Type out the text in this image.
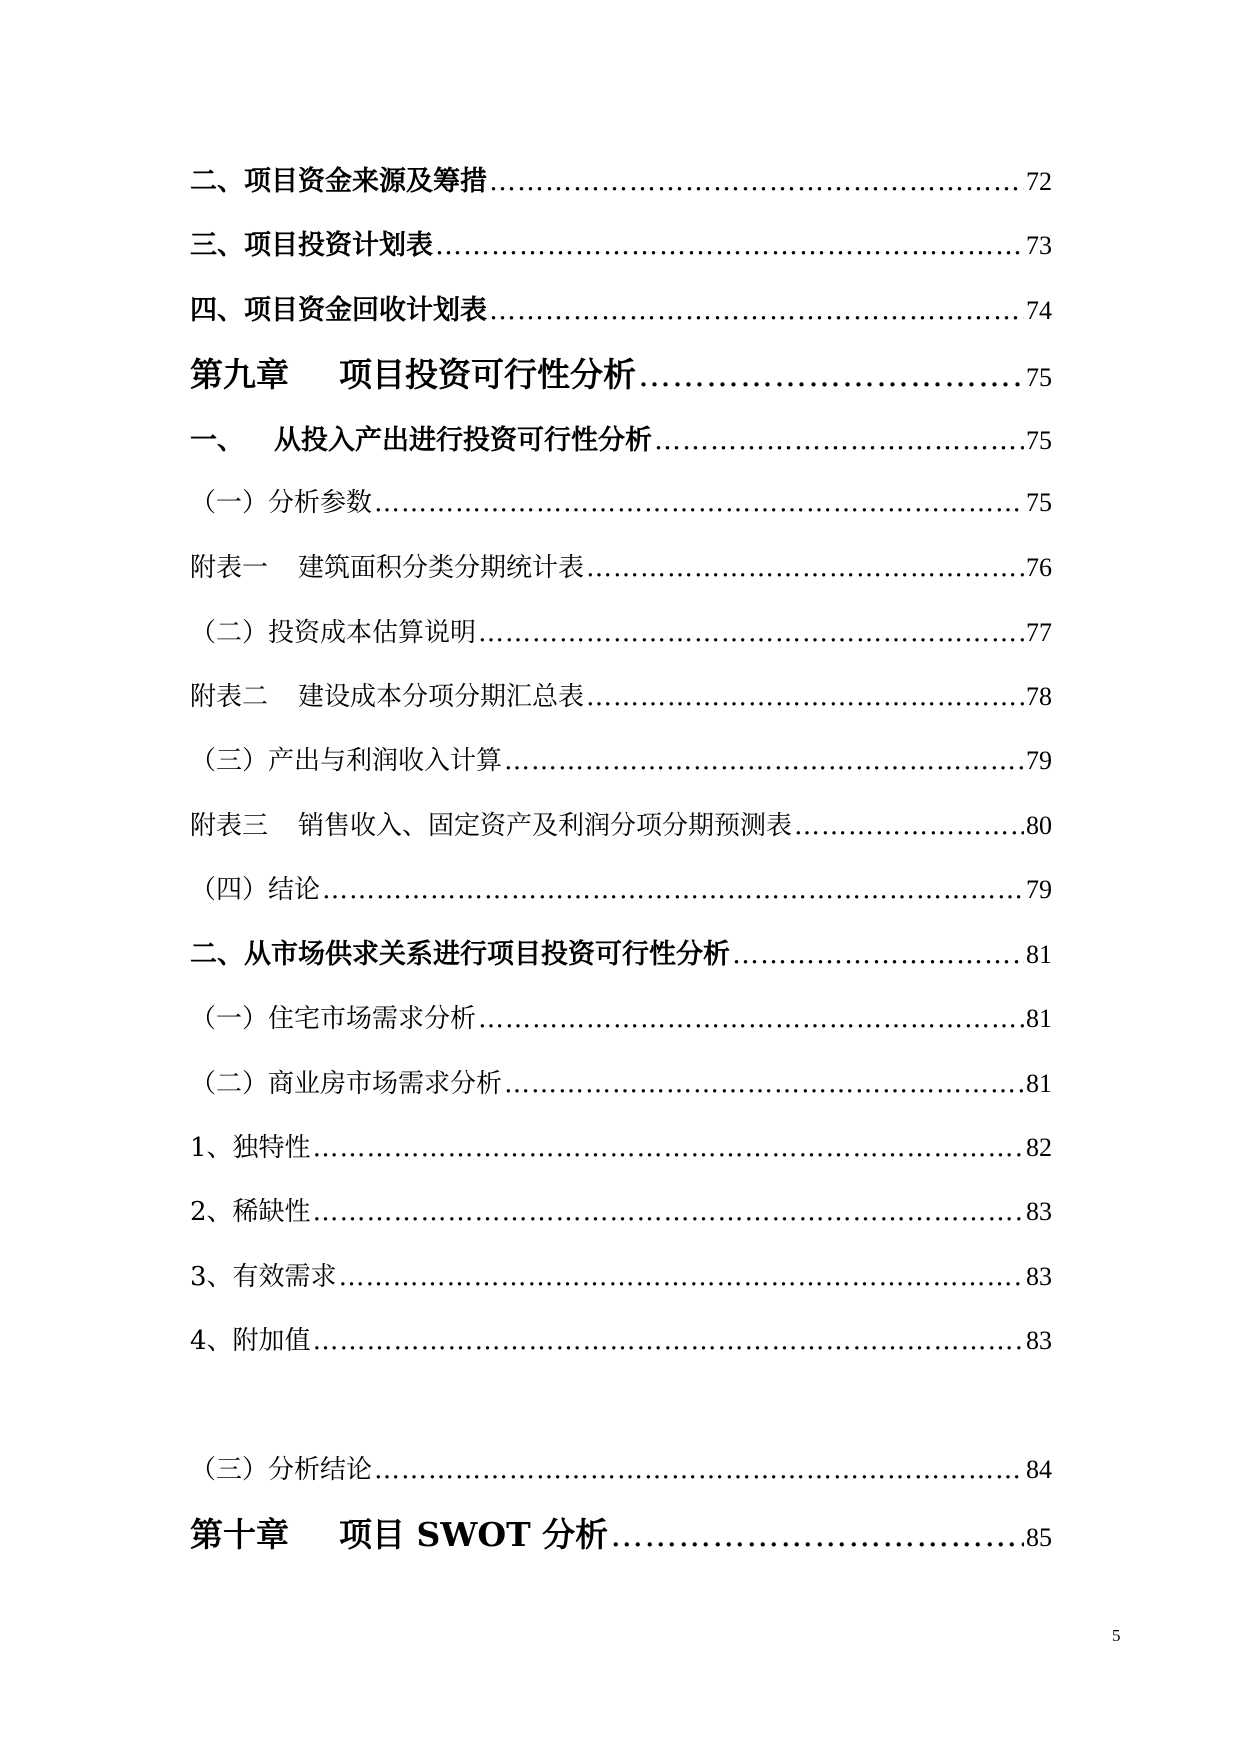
二、项目资金来源及筹措 …………………………………………………………………………………………………………………………………………………………………………	72
三、项目投资计划表 …………………………………………………………………………………………………………………………………………………………………………	73
四、项目资金回收计划表 …………………………………………………………………………………………………………………………………………………………………………	74
第九章 项目投资可行性分析 …………………………………………………………………………………………………………………………………………………………………………	75
一、 从投入产出进行投资可行性分析 …………………………………………………………………………………………………………………………………………………………………………	75
（一）分析参数 …………………………………………………………………………………………………………………………………………………………………………	75
附表一 建筑面积分类分期统计表 …………………………………………………………………………………………………………………………………………………………………………	76
（二）投资成本估算说明 …………………………………………………………………………………………………………………………………………………………………………	77
附表二 建设成本分项分期汇总表 …………………………………………………………………………………………………………………………………………………………………………	78
（三）产出与利润收入计算 …………………………………………………………………………………………………………………………………………………………………………	79
附表三 销售收入、固定资产及利润分项分期预测表 …………………………………………………………………………………………………………………………………………………………………………	80
（四）结论 …………………………………………………………………………………………………………………………………………………………………………	79
二、从市场供求关系进行项目投资可行性分析 …………………………………………………………………………………………………………………………………………………………………………	81
（一）住宅市场需求分析 …………………………………………………………………………………………………………………………………………………………………………	81
（二）商业房市场需求分析 …………………………………………………………………………………………………………………………………………………………………………	81
1、独特性 …………………………………………………………………………………………………………………………………………………………………………	82
2、稀缺性 …………………………………………………………………………………………………………………………………………………………………………	83
3、有效需求 …………………………………………………………………………………………………………………………………………………………………………	83
4、附加值 …………………………………………………………………………………………………………………………………………………………………………	83
（三）分析结论 …………………………………………………………………………………………………………………………………………………………………………	84
第十章 项目 SWOT 分析 …………………………………………………………………………………………………………………………………………………………………………	85
5
